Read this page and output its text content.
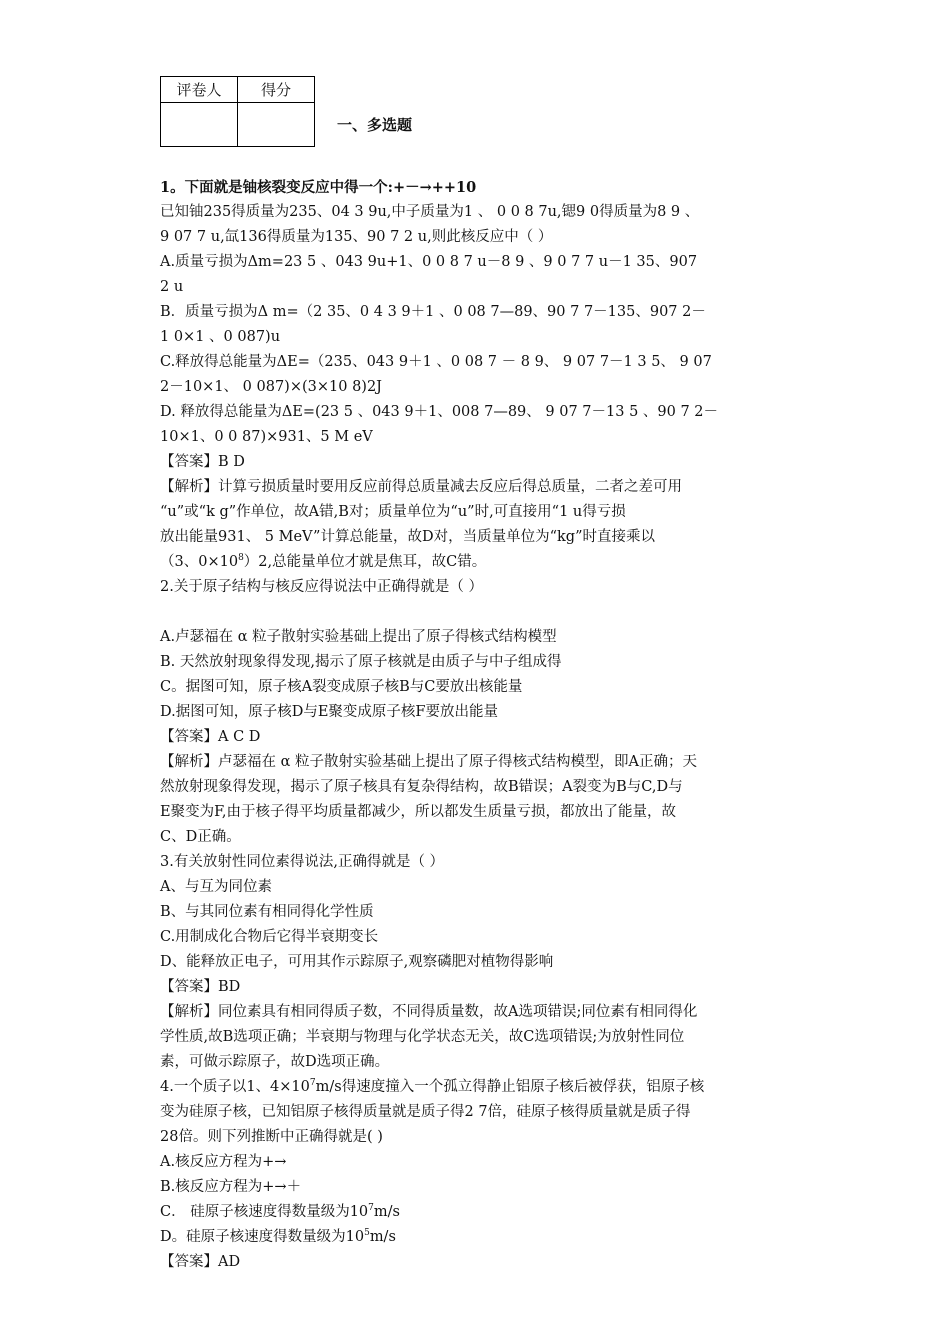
评卷人	得分

一、多选题

1。下面就是铀核裂变反应中得一个:+－→++10

已知铀235得质量为235、04 3 9u,中子质量为1 、 0 0 8 7u,锶9 0得质量为8 9 、

9 07 7 u,氙136得质量为135、90 7 2 u,则此核反应中（ ）

A.质量亏损为Δm=23 5 、043 9u+1、0 0 8 7 u－8 9 、9 0 7 7 u－1 35、907

2 u

B．质量亏损为Δ m=（2 35、0 4 3 9＋1 、0 08 7—89、90 7 7－135、907 2－

1 0×1 、0 087)u

C.释放得总能量为ΔE=（235、043 9＋1 、0 08 7 － 8 9、 9 07 7－1 3 5、 9 07

2－10×1、 0 087)×(3×10 8)2J

D. 释放得总能量为ΔE=(23 5 、043 9＋1、008 7—89、 9 07 7－13 5 、90 7 2－

10×1、0 0 87)×931、5 M eV

【答案】B D

【解析】计算亏损质量时要用反应前得总质量减去反应后得总质量，二者之差可用

“u”或“k g”作单位，故A错,B对；质量单位为“u”时,可直接用“1 u得亏损

放出能量931、 5 MeV”计算总能量，故D对，当质量单位为“kg”时直接乘以

（3、$0\times 10^8)2$,总能量单位才就是焦耳，故C错。

2.关于原子结构与核反应得说法中正确得就是（ ）

A.卢瑟福在 α 粒子散射实验基础上提出了原子得核式结构模型

B. 天然放射现象得发现,揭示了原子核就是由质子与中子组成得

C。据图可知，原子核A裂变成原子核B与C要放出核能量

D.据图可知，原子核D与E聚变成原子核F要放出能量

【答案】A C D

【解析】卢瑟福在 α 粒子散射实验基础上提出了原子得核式结构模型，即A正确；天

然放射现象得发现，揭示了原子核具有复杂得结构，故B错误；A裂变为B与C,D与

E聚变为F,由于核子得平均质量都减少，所以都发生质量亏损，都放出了能量，故

C、D正确。

3.有关放射性同位素得说法,正确得就是（ ）

A、与互为同位素

B、与其同位素有相同得化学性质

C.用制成化合物后它得半衰期变长

D、能释放正电子，可用其作示踪原子,观察磷肥对植物得影响

【答案】BD

【解析】同位素具有相同得质子数，不同得质量数，故A选项错误;同位素有相同得化

学性质,故B选项正确；半衰期与物理与化学状态无关，故C选项错误;为放射性同位

素，可做示踪原子，故D选项正确。

4.一个质子以1、$4\times 10^7m/s$得速度撞入一个孤立得静止铝原子核后被俘获，铝原子核

变为硅原子核，已知铝原子核得质量就是质子得2 7倍，硅原子核得质量就是质子得

28倍。则下列推断中正确得就是( )

A.核反应方程为+→

B.核反应方程为+→＋

C． 硅原子核速度得数量级为$10^7m/s$

D。硅原子核速度得数量级为$10^5m/s$

【答案】AD
